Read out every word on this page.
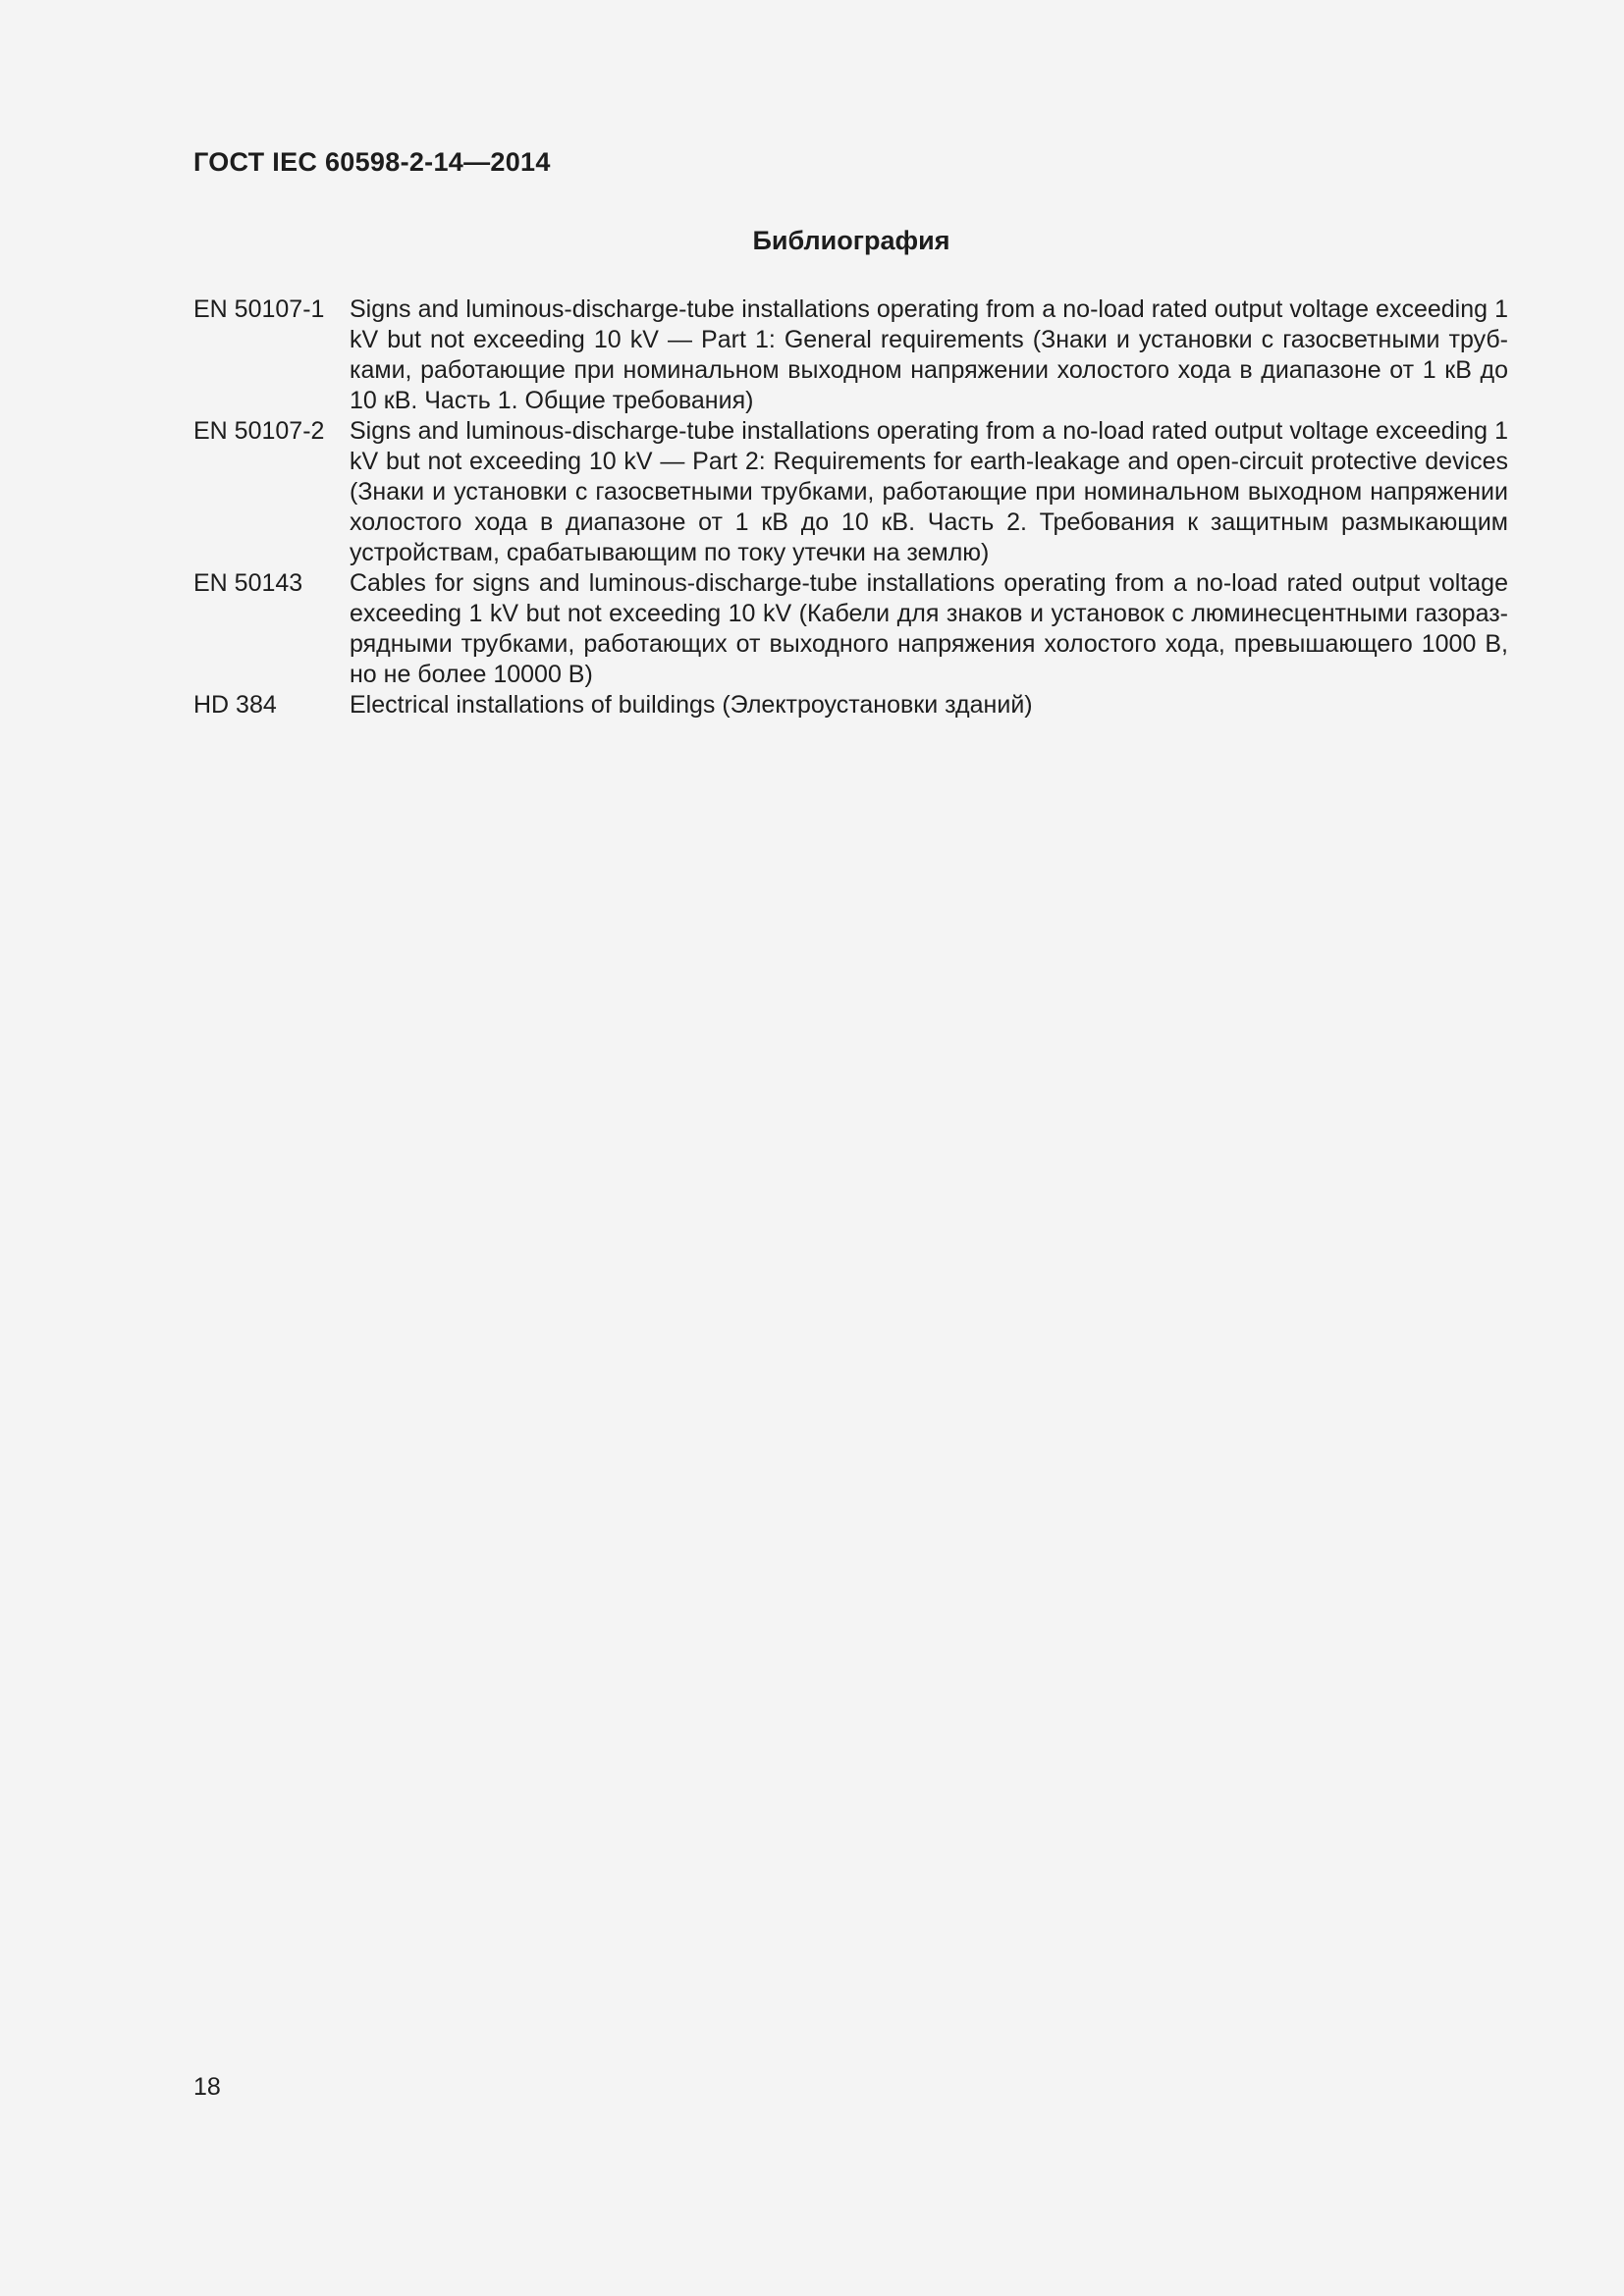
ГОСТ IEC 60598-2-14—2014
Библиография
EN 50107-1	Signs and luminous-discharge-tube installations operating from a no-load rated output voltage exceeding 1 kV but not exceeding 10 kV — Part 1: General requirements (Знаки и установки с газосветными трубками, работающие при номинальном выходном напряжении холостого хода в диапазоне от 1 кВ до 10 кВ. Часть 1. Общие требования)
EN 50107-2	Signs and luminous-discharge-tube installations operating from a no-load rated output voltage exceeding 1 kV but not exceeding 10 kV — Part 2: Requirements for earth-leakage and open-circuit protective devices (Знаки и установки с газосветными трубками, работающие при номинальном выходном напряжении холостого хода в диапазоне от 1 кВ до 10 кВ. Часть 2. Требования к защитным размыкающим устройствам, срабатывающим по току утечки на землю)
EN 50143	Cables for signs and luminous-discharge-tube installations operating from a no-load rated output voltage exceeding 1 kV but not exceeding 10 kV (Кабели для знаков и установок с люминесцентными газоразрядными трубками, работающих от выходного напряжения холостого хода, превышающего 1000 В, но не более 10000 В)
HD 384	Electrical installations of buildings (Электроустановки зданий)
18
